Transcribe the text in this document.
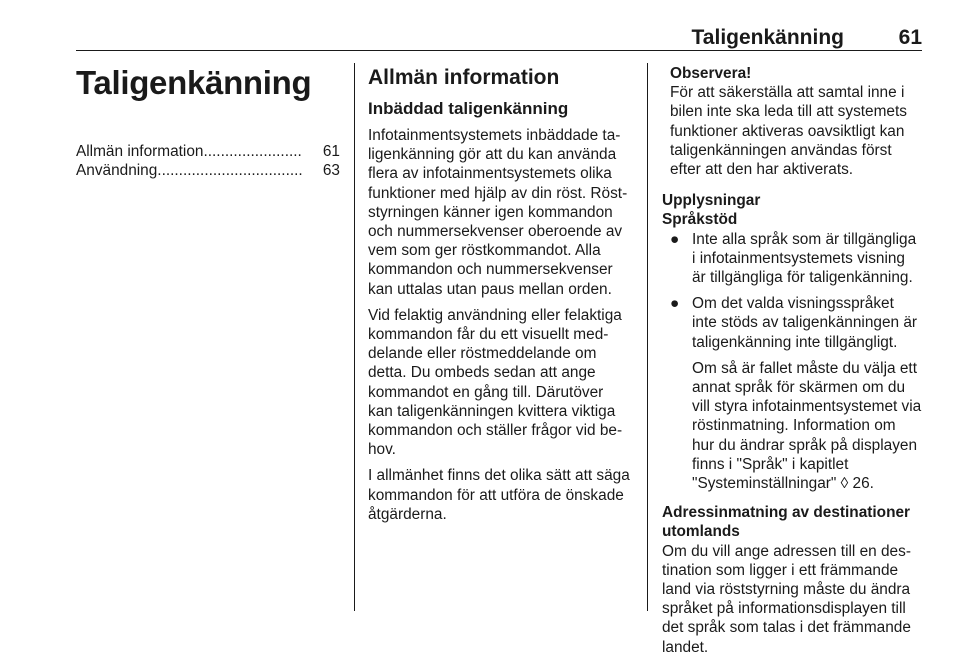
Taligenkänning	61
Taligenkänning
Allmän information .......................	61
Användning ..................................	63
Allmän information
Inbäddad taligenkänning

Infotainmentsystemets inbäddade taligenkänning gör att du kan använda flera av infotainmentsystemets olika funktioner med hjälp av din röst. Röststyrningen känner igen kommandon och nummersekvenser oberoende av vem som ger röstkommandot. Alla kommandon och nummersekvenser kan uttalas utan paus mellan orden.

Vid felaktig användning eller felaktiga kommandon får du ett visuellt meddelande eller röstmeddelande om detta. Du ombeds sedan att ange kommandot en gång till. Därutöver kan taligenkänningen kvittera viktiga kommandon och ställer frågor vid behov.

I allmänhet finns det olika sätt att säga kommandon för att utföra de önskade åtgärderna.

Observera!

För att säkerställa att samtal inne i bilen inte ska leda till att systemets funktioner aktiveras oavsiktligt kan taligenkänningen användas först efter att den har aktiverats.

Upplysningar

Språkstöd

● Inte alla språk som är tillgängliga i infotainmentsystemets visning är tillgängliga för taligenkänning.
● Om det valda visningsspråket inte stöds av taligenkänningen är taligenkänning inte tillgängligt.

Om så är fallet måste du välja ett annat språk för skärmen om du vill styra infotainmentsystemet via röstinmatning. Information om hur du ändrar språk på displayen finns i "Språk" i kapitlet "Systeminställningar" ◊ 26.

Adressinmatning av destinationer utomlands

Om du vill ange adressen till en destination som ligger i ett främmande land via röststyrning måste du ändra språket på informationsdisplayen till det språk som talas i det främmande landet.
